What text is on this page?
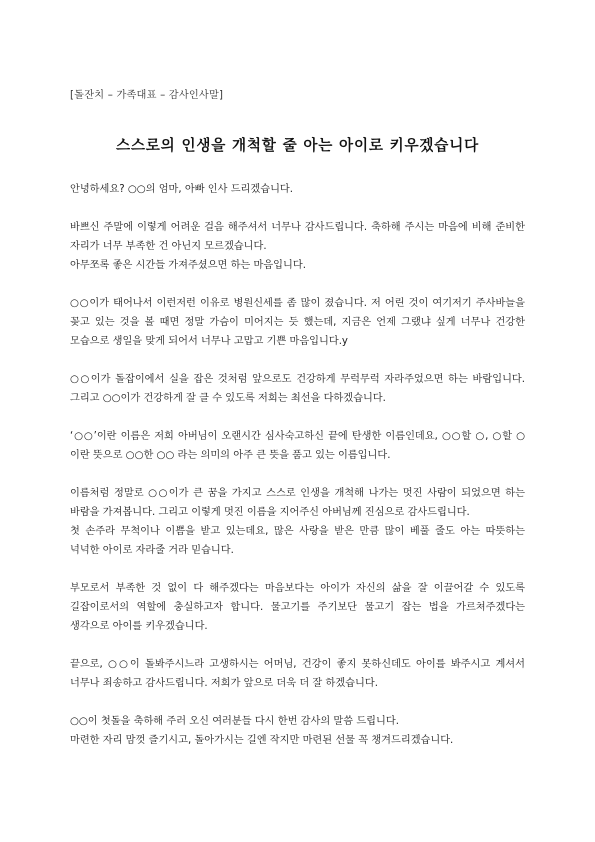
[돌잔치 – 가족대표 – 감사인사말]

스스로의 인생을 개척할 줄 아는 아이로 키우겠습니다

안녕하세요? ○○의 엄마, 아빠 인사 드리겠습니다.

바쁘신 주말에 이렇게 어려운 걸음 해주셔서 너무나 감사드립니다. 축하해 주시는 마음에 비해 준비한 자리가 너무 부족한 건 아닌지 모르겠습니다.
아무쪼록 좋은 시간들 가져주셨으면 하는 마음입니다.

○○이가 태어나서 이런저런 이유로 병원신세를 좀 많이 졌습니다. 저 어린 것이 여기저기 주사바늘을 꽂고 있는 것을 볼 때면 정말 가슴이 미어지는 듯 했는데, 지금은 언제 그랬냐 싶게 너무나 건강한 모습으로 생일을 맞게 되어서 너무나 고맙고 기쁜 마음입니다.y

○○이가 돌잡이에서 실을 잡은 것처럼 앞으로도 건강하게 무럭무럭 자라주었으면 하는 바람입니다. 그리고 ○○이가 건강하게 잘 클 수 있도록 저희는 최선을 다하겠습니다.

‘○○’이란 이름은 저희 아버님이 오랜시간 심사숙고하신 끝에 탄생한 이름인데요, ○○할 ○, ○할 ○이란 뜻으로 ○○한 ○○ 라는 의미의 아주 큰 뜻을 품고 있는 이름입니다.

이름처럼 정말로 ○○이가 큰 꿈을 가지고 스스로 인생을 개척해 나가는 멋진 사람이 되었으면 하는 바람을 가져봅니다. 그리고 이렇게 멋진 이름을 지어주신 아버님께 진심으로 감사드립니다.
첫 손주라 무척이나 이쁨을 받고 있는데요, 많은 사랑을 받은 만큼 많이 베풀 줄도 아는 따뜻하는 넉넉한 아이로 자라줄 거라 믿습니다.

부모로서 부족한 것 없이 다 해주겠다는 마음보다는 아이가 자신의 삶을 잘 이끌어갈 수 있도록 길잡이로서의 역할에 충실하고자 합니다. 물고기를 주기보단 물고기 잡는 법을 가르쳐주겠다는 생각으로 아이를 키우겠습니다.

끝으로, ○○이 돌봐주시느라 고생하시는 어머님, 건강이 좋지 못하신데도 아이를 봐주시고 계셔서 너무나 죄송하고 감사드립니다. 저희가 앞으로 더욱 더 잘 하겠습니다.

○○이 첫돌을 축하해 주러 오신 여러분들 다시 한번 감사의 말씀 드립니다.
마련한 자리 맘껏 즐기시고, 돌아가시는 길엔 작지만 마련된 선물 꼭 챙겨드리겠습니다.
